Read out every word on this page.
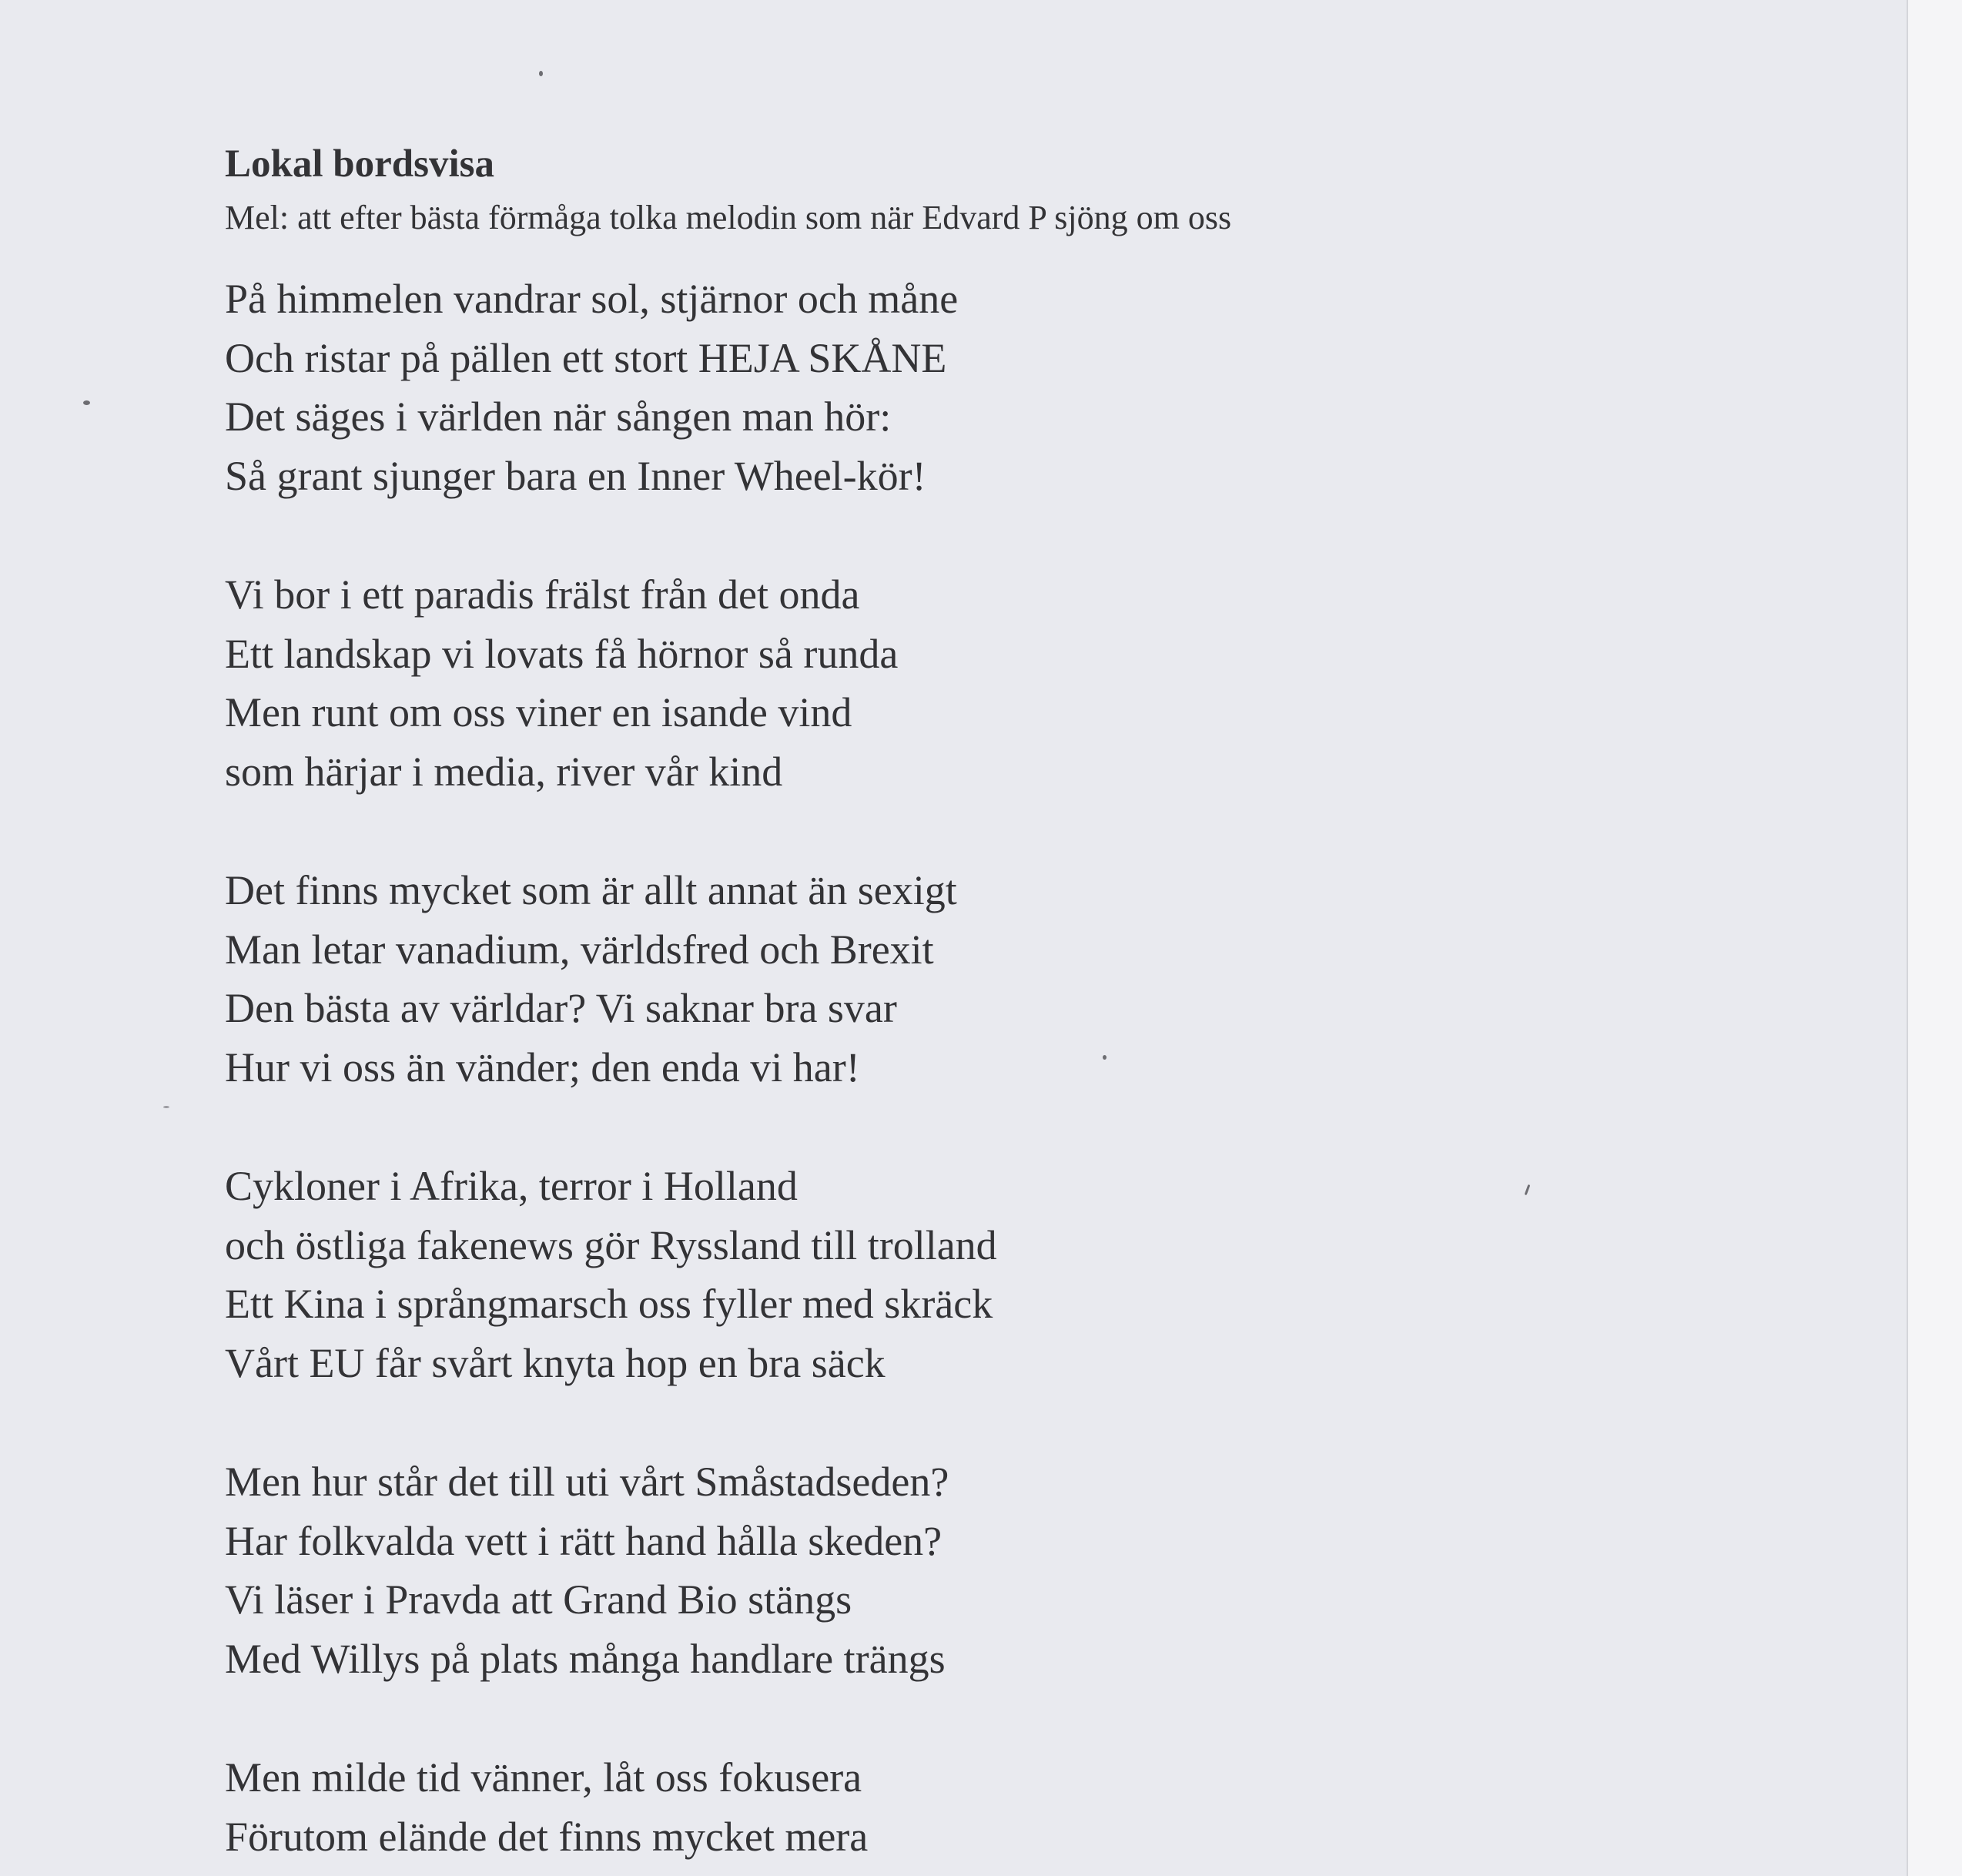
Lokal bordsvisa

Mel: att efter bästa förmåga tolka melodin som när Edvard P sjöng om oss

På himmelen vandrar sol, stjärnor och måne
Och ristar på pällen ett stort HEJA SKÅNE
Det säges i världen när sången man hör:
Så grant sjunger bara en Inner Wheel-kör!
Vi bor i ett paradis frälst från det onda
Ett landskap vi lovats få hörnor så runda
Men runt om oss viner en isande vind
som härjar i media, river vår kind
Det finns mycket som är allt annat än sexigt
Man letar vanadium, världsfred och Brexit
Den bästa av världar? Vi saknar bra svar
Hur vi oss än vänder; den enda vi har!
Cykloner i Afrika, terror i Holland
och östliga fakenews gör Ryssland till trolland
Ett Kina i språngmarsch oss fyller med skräck
Vårt EU får svårt knyta hop en bra säck
Men hur står det till uti vårt Småstadseden?
Har folkvalda vett i rätt hand hålla skeden?
Vi läser i Pravda att Grand Bio stängs
Med Willys på plats många handlare trängs
Men milde tid vänner, låt oss fokusera
Förutom elände det finns mycket mera
